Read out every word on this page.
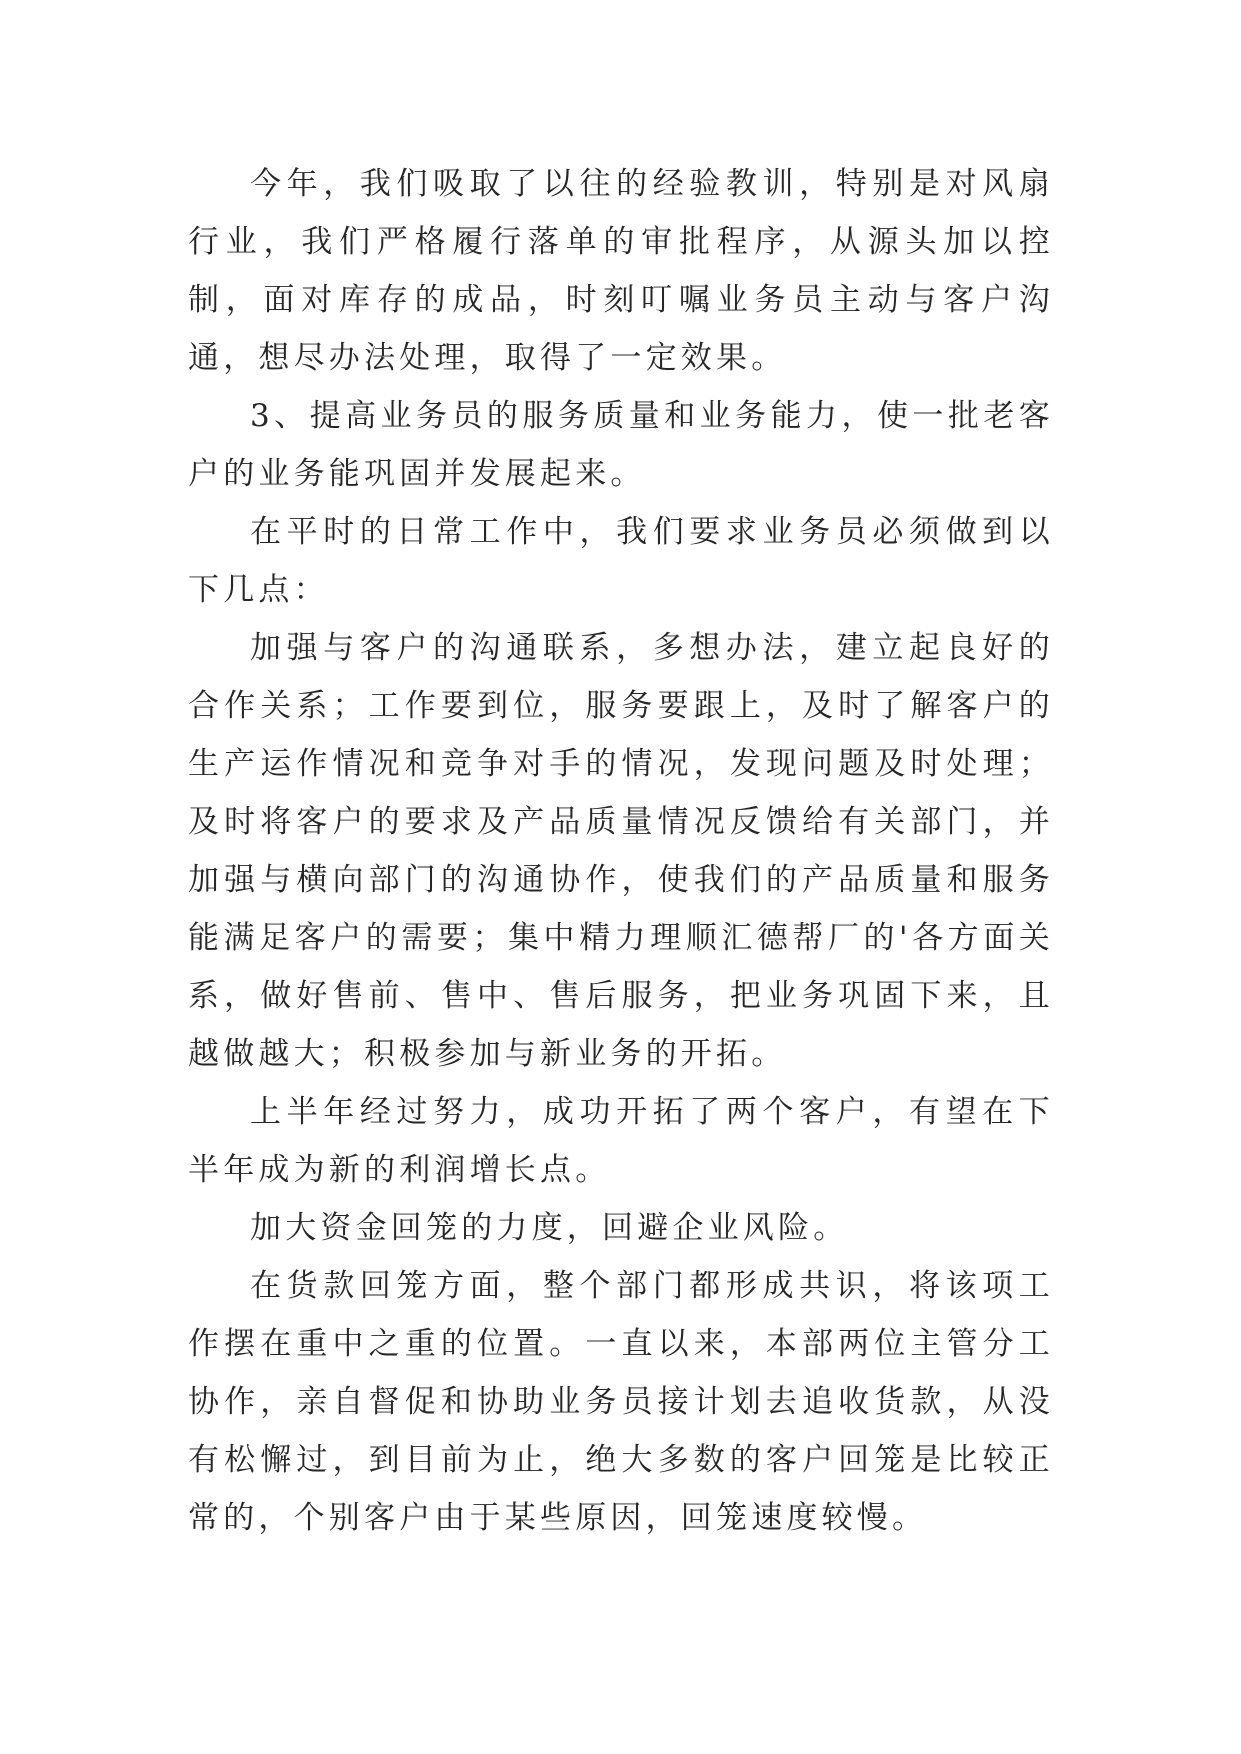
今年，我们吸取了以往的经验教训，特别是对风扇行业，我们严格履行落单的审批程序，从源头加以控制，面对库存的成品，时刻叮嘱业务员主动与客户沟通，想尽办法处理，取得了一定效果。

3、提高业务员的服务质量和业务能力，使一批老客户的业务能巩固并发展起来。

在平时的日常工作中，我们要求业务员必须做到以下几点：

加强与客户的沟通联系，多想办法，建立起良好的合作关系；工作要到位，服务要跟上，及时了解客户的生产运作情况和竞争对手的情况，发现问题及时处理；及时将客户的要求及产品质量情况反馈给有关部门，并加强与横向部门的沟通协作，使我们的产品质量和服务能满足客户的需要；集中精力理顺汇德帮厂的'各方面关系，做好售前、售中、售后服务，把业务巩固下来，且越做越大；积极参加与新业务的开拓。

上半年经过努力，成功开拓了两个客户，有望在下半年成为新的利润增长点。

加大资金回笼的力度，回避企业风险。

在货款回笼方面，整个部门都形成共识，将该项工作摆在重中之重的位置。一直以来，本部两位主管分工协作，亲自督促和协助业务员接计划去追收货款，从没有松懈过，到目前为止，绝大多数的客户回笼是比较正常的，个别客户由于某些原因，回笼速度较慢。
